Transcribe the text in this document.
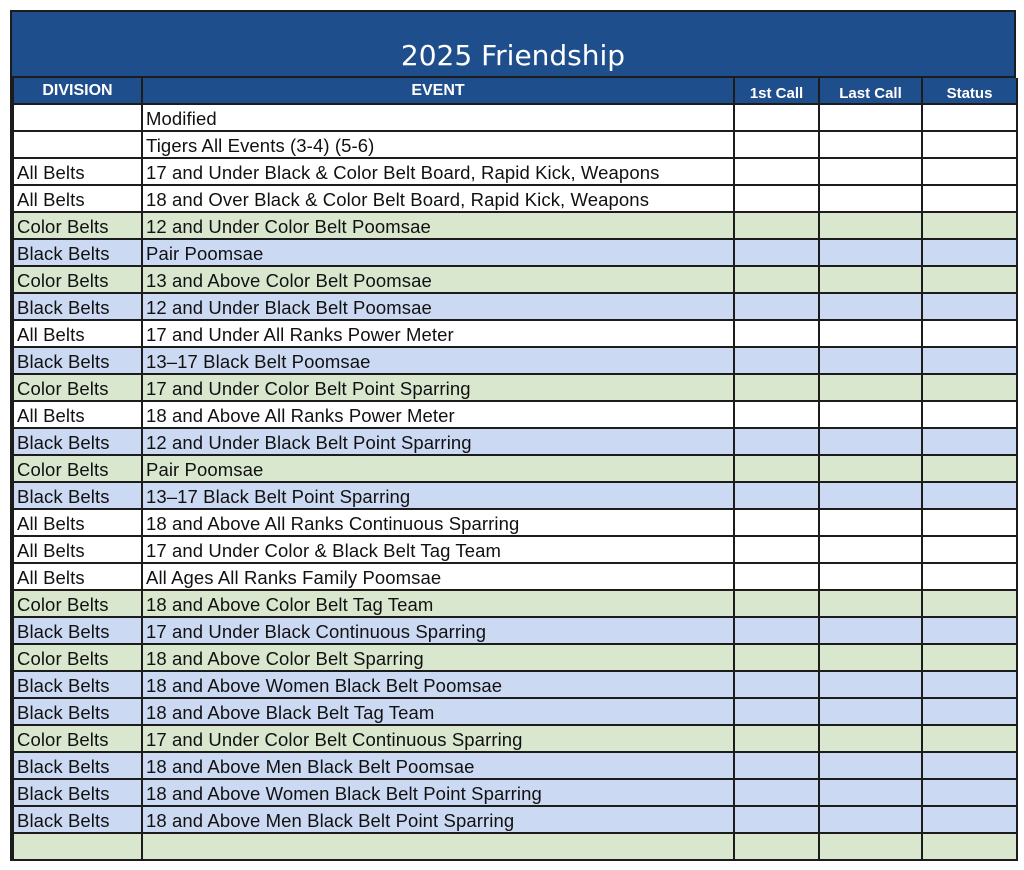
2025 Friendship
DIVISION	EVENT	1st Call	Last Call	Status
	Modified			
	Tigers All Events (3-4) (5-6)			
All Belts	17 and Under Black & Color Belt Board, Rapid Kick, Weapons			
All Belts	18 and Over Black & Color Belt Board, Rapid Kick, Weapons			
Color Belts	12 and Under Color Belt Poomsae			
Black Belts	Pair Poomsae			
Color Belts	13 and Above Color Belt Poomsae			
Black Belts	12 and Under Black Belt Poomsae			
All Belts	17 and Under All Ranks Power Meter			
Black Belts	13–17 Black Belt Poomsae			
Color Belts	17 and Under Color Belt Point Sparring			
All Belts	18 and Above All Ranks Power Meter			
Black Belts	12 and Under Black Belt Point Sparring			
Color Belts	Pair Poomsae			
Black Belts	13–17 Black Belt Point Sparring			
All Belts	18 and Above All Ranks Continuous Sparring			
All Belts	17 and Under Color & Black Belt Tag Team			
All Belts	All Ages All Ranks Family Poomsae			
Color Belts	18 and Above Color Belt Tag Team			
Black Belts	17 and Under Black Continuous Sparring			
Color Belts	18 and Above Color Belt Sparring			
Black Belts	18 and Above Women Black Belt Poomsae			
Black Belts	18 and Above Black Belt Tag Team			
Color Belts	17 and Under Color Belt Continuous Sparring			
Black Belts	18 and Above Men Black Belt Poomsae			
Black Belts	18 and Above Women Black Belt Point Sparring			
Black Belts	18 and Above Men Black Belt Point Sparring			
